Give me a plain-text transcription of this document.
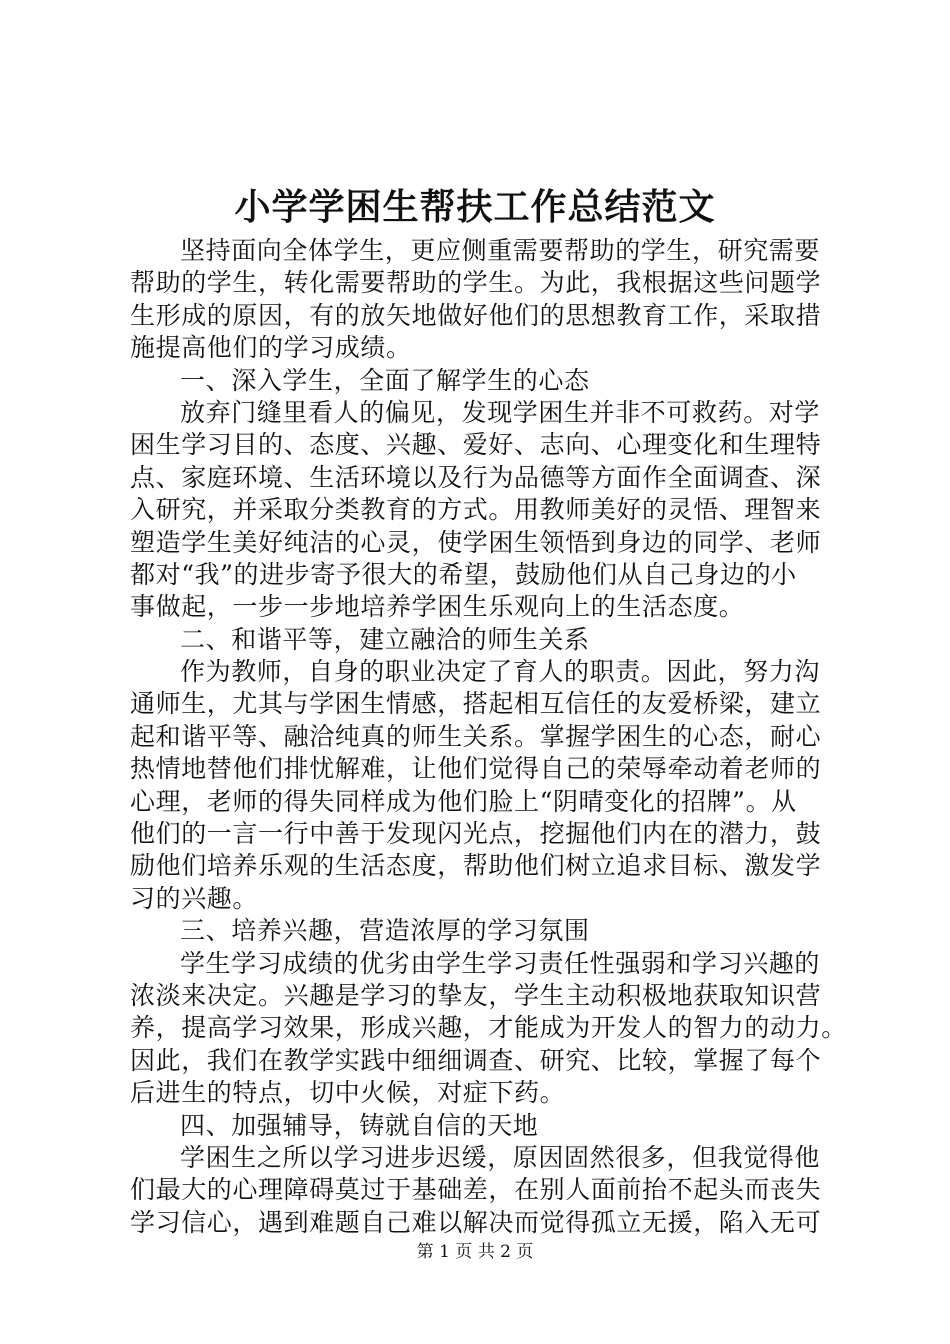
小学学困生帮扶工作总结范文
坚持面向全体学生，更应侧重需要帮助的学生，研究需要
帮助的学生，转化需要帮助的学生。为此，我根据这些问题学
生形成的原因，有的放矢地做好他们的思想教育工作，采取措
施提高他们的学习成绩。
一、深入学生，全面了解学生的心态
放弃门缝里看人的偏见，发现学困生并非不可救药。对学
困生学习目的、态度、兴趣、爱好、志向、心理变化和生理特
点、家庭环境、生活环境以及行为品德等方面作全面调查、深
入研究，并采取分类教育的方式。用教师美好的灵悟、理智来
塑造学生美好纯洁的心灵，使学困生领悟到身边的同学、老师
都对“我”的进步寄予很大的希望，鼓励他们从自己身边的小
事做起，一步一步地培养学困生乐观向上的生活态度。
二、和谐平等，建立融洽的师生关系
作为教师，自身的职业决定了育人的职责。因此，努力沟
通师生，尤其与学困生情感，搭起相互信任的友爱桥梁，建立
起和谐平等、融洽纯真的师生关系。掌握学困生的心态，耐心
热情地替他们排忧解难，让他们觉得自己的荣辱牵动着老师的
心理，老师的得失同样成为他们脸上“阴晴变化的招牌”。从
他们的一言一行中善于发现闪光点，挖掘他们内在的潜力，鼓
励他们培养乐观的生活态度，帮助他们树立追求目标、激发学
习的兴趣。
三、培养兴趣，营造浓厚的学习氛围
学生学习成绩的优劣由学生学习责任性强弱和学习兴趣的
浓淡来决定。兴趣是学习的挚友，学生主动积极地获取知识营
养，提高学习效果，形成兴趣，才能成为开发人的智力的动力。
因此，我们在教学实践中细细调查、研究、比较，掌握了每个
后进生的特点，切中火候，对症下药。
四、加强辅导，铸就自信的天地
学困生之所以学习进步迟缓，原因固然很多，但我觉得他
们最大的心理障碍莫过于基础差，在别人面前抬不起头而丧失
学习信心，遇到难题自己难以解决而觉得孤立无援，陷入无可
第 1 页 共 2 页
